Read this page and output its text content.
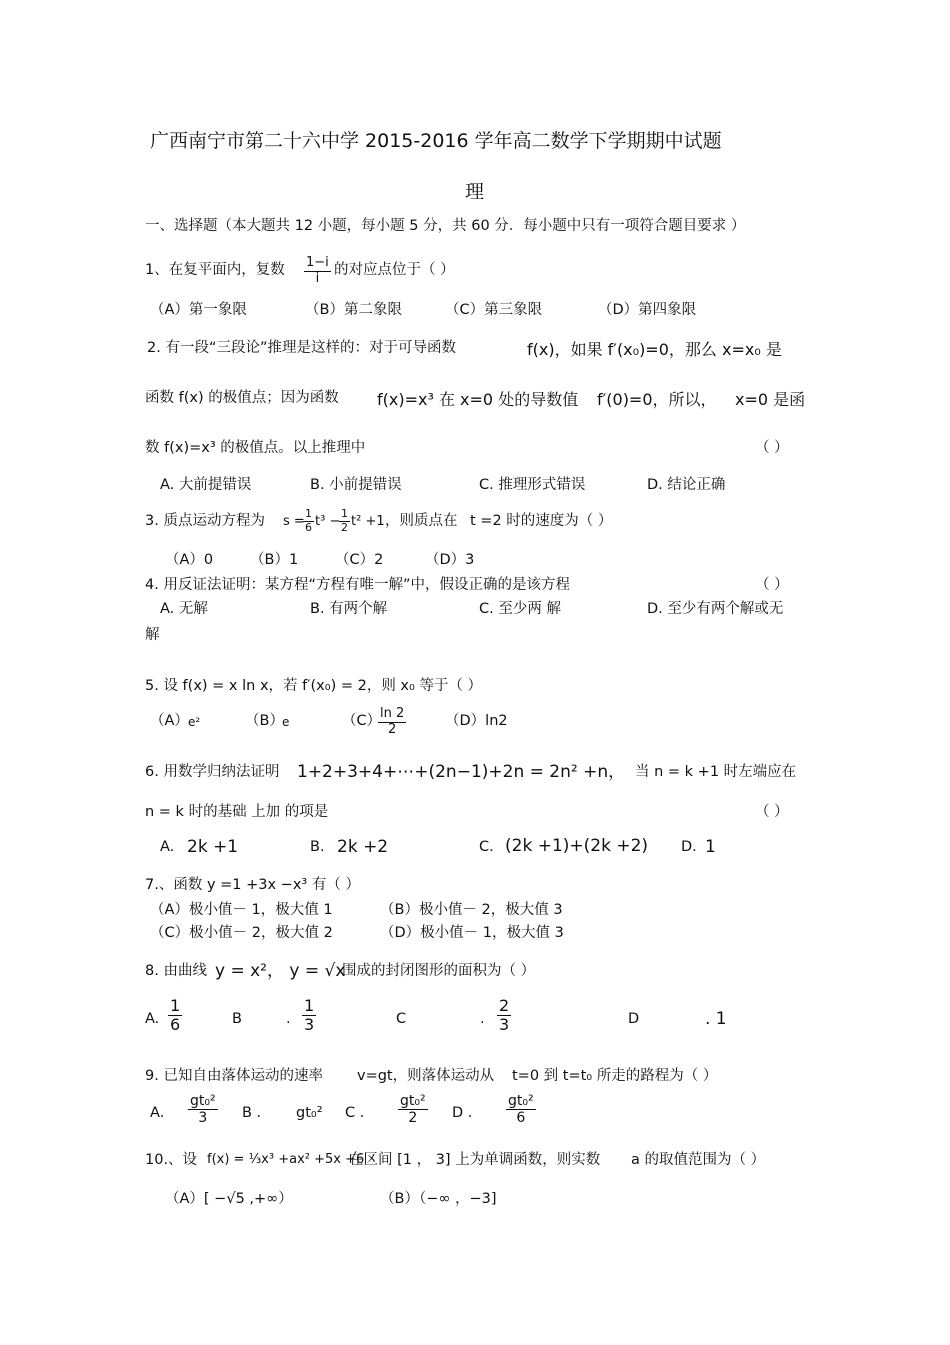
广西南宁市第二十六中学 2015-2016 学年高二数学下学期期中试题
理
一、选择题（本大题共 12 小题，每小题 5 分，共 60 分．每小题中只有一项符合题目要求 ）
1、在复平面内，复数 $\frac{1-i}{i}$ 的对应点位于（ ）
（A）第一象限	（B）第二象限	（C）第三象限	（D）第四象限
2. 有一段“三段论”推理是这样的：对于可导函数	f(x)，如果 f′(x₀)=0，那么 x=x₀ 是
函数 f(x) 的极值点；因为函数 f(x)=x³ 在 x=0 处的导数值 f′(0)=0，所以， x=0 是函
数 f(x)=x³ 的极值点。以上推理中	（ ）
A. 大前提错误	B. 小前提错误	C. 推理形式错误	D. 结论正确
3. 质点运动方程为 s =
$\frac{1}{6} t^3$ −
$\frac{1}{2} t^2 +1$ ，则质点在 t =2 时的速度为（ ）
（A）0	（B）1	（C）2	（D）3
4. 用反证法证明：某方程“方程有唯一解”中，假设正确的是该方程	（ ）
A. 无解	B. 有两个解	C. 至少两 解	D. 至少有两个解或无
解
5. 设 f(x) = x ln x，若 f′(x₀) = 2，则 x₀ 等于（ ）
（A） e²	（B）
e	（C）
$\frac{\ln 2}{2}$	（D）ln2
6. 用数学归纳法证明 1+2+3+4+⋯+(2n−1)+2n = 2n² +n， 当 n = k +1 时左端应在
n = k 时的基础 上加 的项是	（ ）
A. 2k +1	B. 2k +2	C. (2k +1)+(2k +2) D. 1
7.、函数 y =1 +3x −x³ 有（ ）
（A）极小值－ 1，极大值 1	（B）极小值－ 2，极大值 3
（C）极小值－ 2，极大值 2	（D）极小值－ 1，极大值 3
8. 由曲线 y = x²， y = √x
围成的封闭图形的面积为（ ）
A. $\frac{1}{6}$	B	. $\frac{1}{3}$	C	. $\frac{2}{3}$	D	. 1
9. 已知自由落体运动的速率 v=gt，则落体运动从 t=0 到 t=t₀ 所走的路程为（ ）
A． $\frac{\text{gt₀²}}{3}$ B ． gt₀² C ． $\frac{\text{gt₀²}}{2}$ D ． $\frac{\text{gt₀²}}{6}$
10.、设 f(x) = ⅓x³ +ax² +5x +6
在区间 [1 ， 3] 上为单调函数，则实数 a 的取值范围为（ ）
（A）[ −√5 ,+∞）	（B）（−∞ ，−3]
